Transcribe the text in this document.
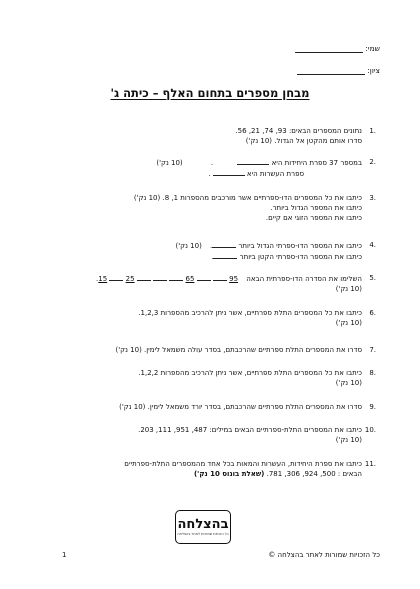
שמי:
ציון:
מבחן מספרים בתחום האלף – כיתה ג'
1.
נתונים המספרים הבאים: 93, 74, 21, 56.
סדרו אותם מהקטן אל הגדול. (10 נק')
2.
במספר 37 ספרת היחידות היא  . (10 נק')
ספרת העשרות היא  .
3.
כיתבו את כל המספרים הדו-ספרתיים אשר מורכבים מהספרות 1, 8. (10 נק')
כיתבו את המספר הגדול ביותר.
כיתבו את המספר הזוגי אם קיים.
4.
כיתבו את המספר הדו-ספרתי הגדול ביותר . (10 נק')
כיתבו את המספר הדו-ספרתי הקטן ביותר .
5.
השלימו את הסדרה הדו-ספרתית הבאה 95   65    25  15.
(10 נק')
6.
כיתבו את כל המספרים התלת ספרתיים, אשר ניתן להרכיב מהספרות 1,2,3.
(10 נק')
7.
סדרו את המספרים התלת ספרתיים שהרכבתם, בסדר עולה משמאל לימין. (10 נק')
8.
כיתבו את כל המספרים התלת ספרתיים, אשר ניתן להרכיב מהספרות 1,2,2.
(10 נק')
9.
סדרו את המספרים התלת ספרתיים שהרכבתם, בסדר יורד משמאל לימין. (10 נק')
10.
כיתבו את המספרים התלת-ספרתיים הבאים במילים: 487, 951, 111, 203.
(10 נק')
11.
כיתבו את ספרת היחידות, העשרות והמאות בכל אחד מהמספרים התלת-ספרתיים
הבאים : 500, 924, 306, 781. (שאלת בונוס 10 נק')
בהצלחה
כל הזכויות שמורות לאתר בהצלחה
1	כל הזכויות שמורות לאתר בהצלחה ©
